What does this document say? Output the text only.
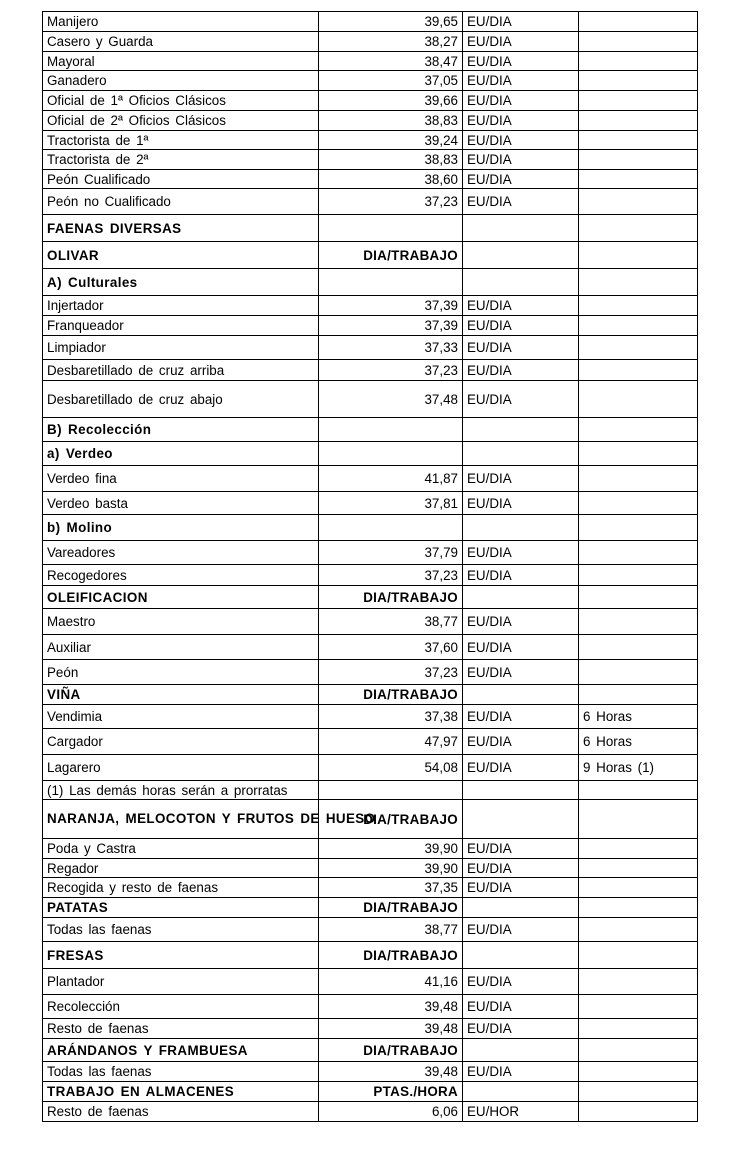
Manijero	39,65	EU/DIA	
Casero y Guarda	38,27	EU/DIA	
Mayoral	38,47	EU/DIA	
Ganadero	37,05	EU/DIA	
Oficial de 1ª Oficios Clásicos	39,66	EU/DIA	
Oficial de 2ª Oficios Clásicos	38,83	EU/DIA	
Tractorista de 1ª	39,24	EU/DIA	
Tractorista de 2ª	38,83	EU/DIA	
Peón Cualificado	38,60	EU/DIA	
Peón no Cualificado	37,23	EU/DIA	
FAENAS DIVERSAS			
OLIVAR	DIA/TRABAJO		
A) Culturales			
Injertador	37,39	EU/DIA	
Franqueador	37,39	EU/DIA	
Limpiador	37,33	EU/DIA	
Desbaretillado de cruz arriba	37,23	EU/DIA	
Desbaretillado de cruz abajo	37,48	EU/DIA	
B) Recolección			
a) Verdeo			
Verdeo fina	41,87	EU/DIA	
Verdeo basta	37,81	EU/DIA	
b) Molino			
Vareadores	37,79	EU/DIA	
Recogedores	37,23	EU/DIA	
OLEIFICACION	DIA/TRABAJO		
Maestro	38,77	EU/DIA	
Auxiliar	37,60	EU/DIA	
Peón	37,23	EU/DIA	
VIÑA	DIA/TRABAJO		
Vendimia	37,38	EU/DIA	6 Horas
Cargador	47,97	EU/DIA	6 Horas
Lagarero	54,08	EU/DIA	9 Horas (1)
(1) Las demás horas serán a prorratas			
NARANJA, MELOCOTON Y FRUTOS DE HUESO	DIA/TRABAJO		
Poda y Castra	39,90	EU/DIA	
Regador	39,90	EU/DIA	
Recogida y resto de faenas	37,35	EU/DIA	
PATATAS	DIA/TRABAJO		
Todas las faenas	38,77	EU/DIA	
FRESAS	DIA/TRABAJO		
Plantador	41,16	EU/DIA	
Recolección	39,48	EU/DIA	
Resto de faenas	39,48	EU/DIA	
ARÁNDANOS Y FRAMBUESA	DIA/TRABAJO		
Todas las faenas	39,48	EU/DIA	
TRABAJO EN ALMACENES	PTAS./HORA		
Resto de faenas	6,06	EU/HOR	
